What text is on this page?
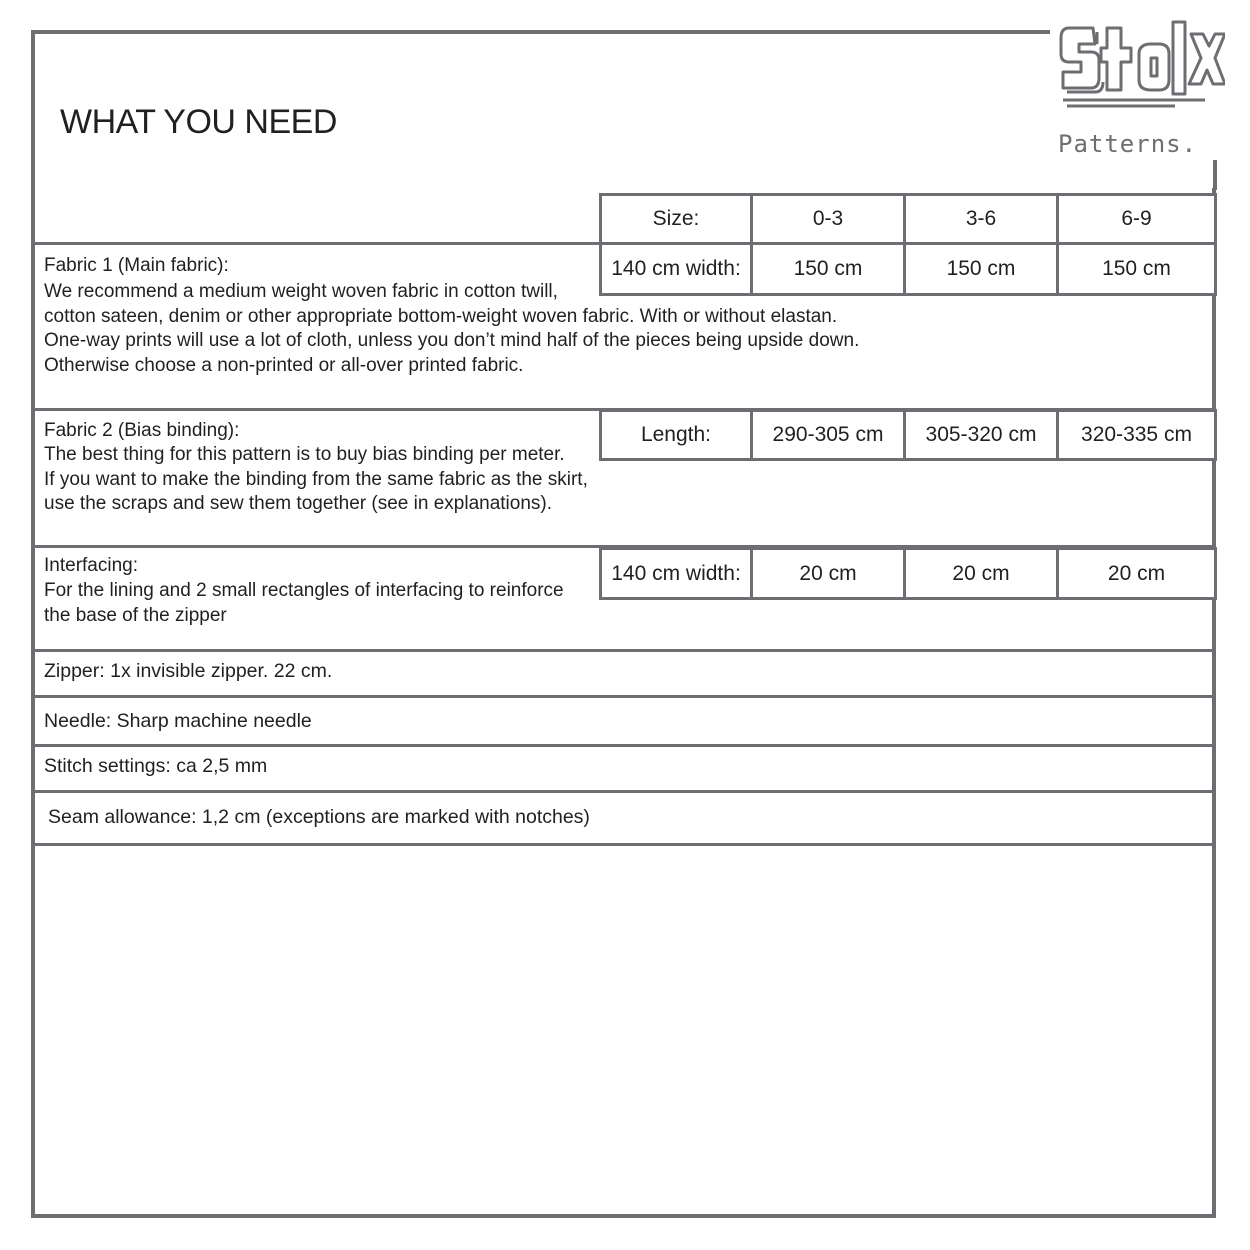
WHAT YOU NEED
Patterns.
Size:	0-3	3-6	6-9
Fabric 1 (Main fabric):
We recommend a medium weight woven fabric in cotton twill,
cotton sateen, denim or other appropriate bottom-weight woven fabric. With or without elastan.
One-way prints will use a lot of cloth, unless you don’t mind half of the pieces being upside down.
Otherwise choose a non-printed or all-over printed fabric.
140 cm width:	150 cm	150 cm	150 cm
Fabric 2 (Bias binding):
The best thing for this pattern is to buy bias binding per meter.
If you want to make the binding from the same fabric as the skirt,
use the scraps and sew them together (see in explanations).
Length:	290-305 cm 305-320 cm 320-335 cm
Interfacing:
For the lining and 2 small rectangles of interfacing to reinforce
the base of the zipper
140 cm width:	20 cm	20 cm	20 cm
Zipper: 1x invisible zipper. 22 cm.
Needle: Sharp machine needle
Stitch settings: ca 2,5 mm
Seam allowance: 1,2 cm (exceptions are marked with notches)
